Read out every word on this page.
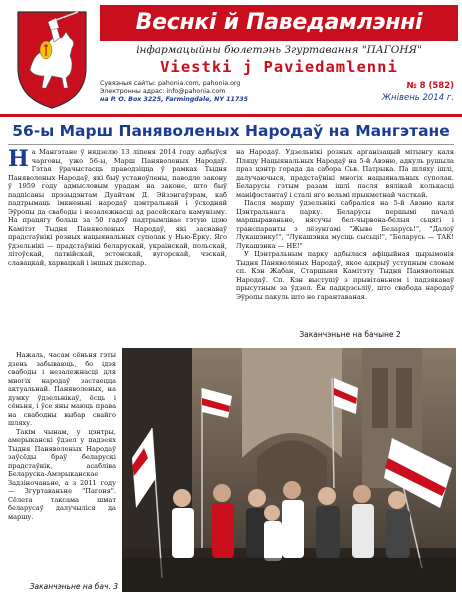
Веснкі й Паведамлэнні
інфармацыйны бюлетэнь Згуртавання "ПАГОНЯ"
Viestki j Paviedamlenni
Сувязныя сайты: pahonia.com, pahonia.org
Электронны адрас: info@pahonia.com
на P. O. Box 3225, Farmingdale, NY 11735
№ 8 (582)
Жнівень 2014 г.
56-ы Марш Паняволеных Народаў на Мангэтане
Н а Мангэтане ў нядзелю 13 ліпеня 2014 году адбыўся чарговы, ужо 56-ы, Марш Паняволеных Народаў. Гэтая ўрачыстасць праводзіцца ў рамках Тыдня Паняволеных Народаў, які быў устаноўлены, паводле закону ў 1959 году адмысловым урадам на законе, што быў падпісаны прэзыдэнтам Дуайтам Д. Эйзэнгаўэрам, каб падтрымаць імкненьні народаў цэнтральнай і ўсходняй Эўропы да свабоды і незалежнасці ад расейскага камунізму. На працягу больш за 50 гадоў падтрымлівае гэтую ідэю Камітэт Тыдня Паняволеных Народаў, які заснаваў прадстаўнікі розных нацыянальных суполак у Нью-Ёрку. Яго ўдзельнікі — прадстаўнікі беларускай, украінскай, польскай, літоўскай, латвійскай, эстонскай, вугорскай, чэскай, славацкай, харвацкай і іншых дыяспар.

Нажаль, часам сёньня гэты дзень забываюць, бо ідэя свабоды і незалежнасці для многіх народаў застаецца актуальнай. Паняволеных, на думку ўдзельнікаў, ёсць і сёньня, і ўсе яны маюць права на свабодны выбар свайго шляху.

Такім чынам, у цэнтры, амерыканскі ўдзел у падзеях Тыдня Паняволеных Народаў заўсёды браў беларускі прадстаўнік, асабліва Беларуска-Амэрыканскае Задзіночаньне, а з 2011 году — Згуртаваньне "Пагоня". Сёлета таксама шмат беларусаў далучыліся да маршу.

Заканчэньне на бач. 3

на Народаў. Удзельнікі розных арганізацый мітынгу каля Пляцу Нацыянальных Народаў на 5-й Авэню, адкуль рушыла праз цэнтр горада да сабора Сьв. Патрыка. Па шляху ішлі, далучаючыся, прадстаўнікі многіх нацыянальных суполак. Беларусы гэтым разам ішлі пасля вялікай колькасці маніфэстантаў і сталі яго вельмі прыкметнай часткай.

Пасля маршу ўдзельнікі сабраліся на 5-й Авэню каля Цэнтральнага парку. Беларусы першымі пачалі маршыраваньне, нясучы бел-чырвона-белыя сьцягі і транспаранты з лёзунгамі "Жыве Беларусь!", "Далоў Лукашэнку!", "Лукашэнка мусіць сысьці!", "Беларусь — ТАК! Лукашэнка — НЕ!"

У Цэнтральным парку адбылася афіцыйная цырымонія Тыдня Паняволеных Народаў, якое адкрыў уступным словам сп. Кэн Жабан, Старшыня Камітэту Тыдня Паняволеных Народаў. Сп. Кэн выступіў з прывітаньнем і падзякаваў прысутным за ўдзел. Ён падкрэсьліў, што свабода народаў Эўропы пакуль што не гарантаваная.

Заканчэньне на бачыне 2
